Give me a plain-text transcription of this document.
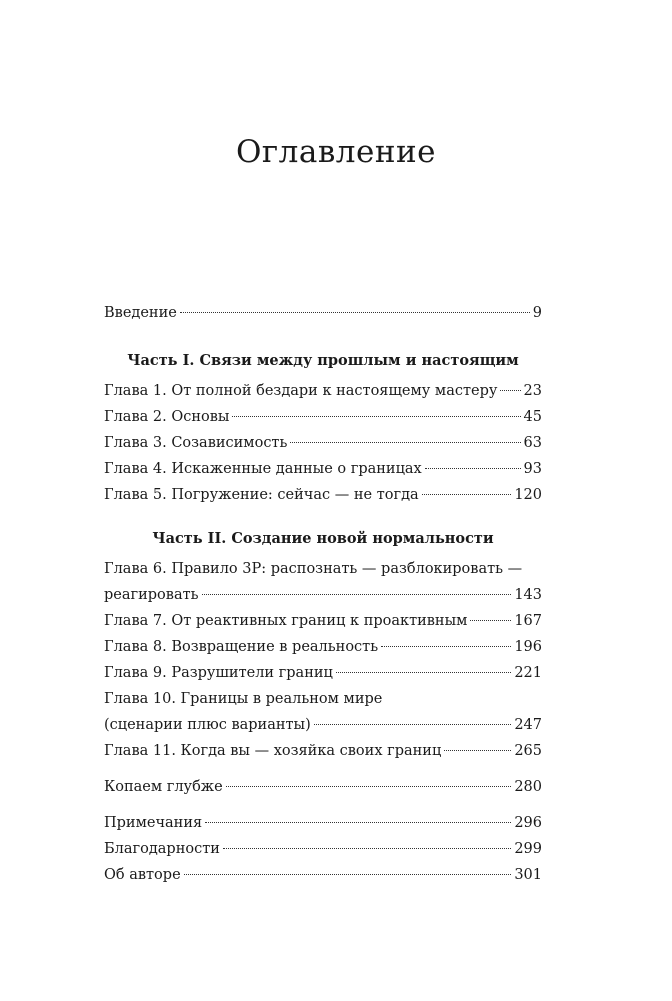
Оглавление
Введение	9
Часть I. Связи между прошлым и настоящим
Глава 1. От полной бездари к настоящему мастеру 23
Глава 2. Основы	45
Глава 3. Созависимость	63
Глава 4. Искаженные данные о границах	93
Глава 5. Погружение: сейчас — не тогда	120
Часть II. Создание новой нормальности
Глава 6. Правило 3Р: распознать — разблокировать —
реагировать	143
Глава 7. От реактивных границ к проактивным	167
Глава 8. Возвращение в реальность	196
Глава 9. Разрушители границ	221
Глава 10. Границы в реальном мире
(сценарии плюс варианты)	247
Глава 11. Когда вы — хозяйка своих границ	265
Копаем глубже	280
Примечания	296
Благодарности	299
Об авторе	301
